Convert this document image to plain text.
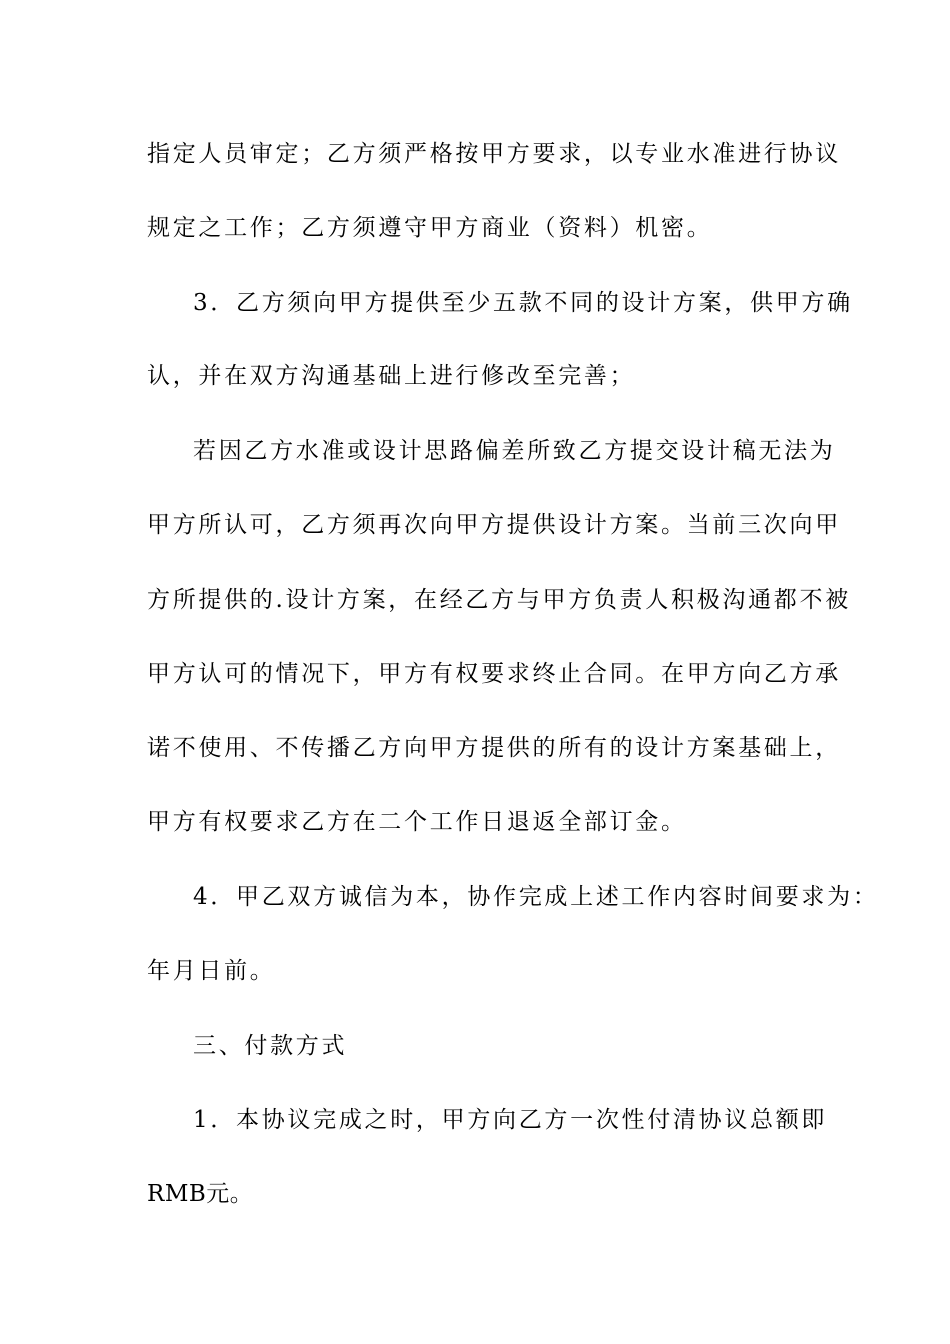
指定人员审定；乙方须严格按甲方要求，以专业水准进行协议
规定之工作；乙方须遵守甲方商业（资料）机密。
3．乙方须向甲方提供至少五款不同的设计方案，供甲方确
认，并在双方沟通基础上进行修改至完善；
若因乙方水准或设计思路偏差所致乙方提交设计稿无法为
甲方所认可，乙方须再次向甲方提供设计方案。当前三次向甲
方所提供的.设计方案，在经乙方与甲方负责人积极沟通都不被
甲方认可的情况下，甲方有权要求终止合同。在甲方向乙方承
诺不使用、不传播乙方向甲方提供的所有的设计方案基础上，
甲方有权要求乙方在二个工作日退返全部订金。
4．甲乙双方诚信为本，协作完成上述工作内容时间要求为：
年月日前。
三、付款方式
1．本协议完成之时，甲方向乙方一次性付清协议总额即
RMB元。
